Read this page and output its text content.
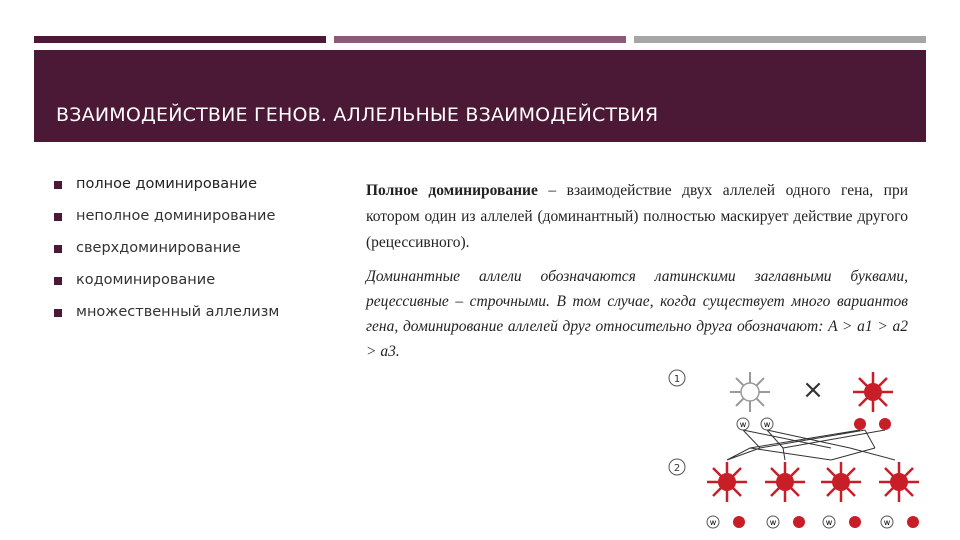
ВЗАИМОДЕЙСТВИЕ ГЕНОВ. АЛЛЕЛЬНЫЕ ВЗАИМОДЕЙСТВИЯ
полное доминирование
неполное доминирование
сверхдоминирование
кодоминирование
множественный аллелизм

Полное доминирование – взаимодействие двух аллелей одного гена, при котором один из аллелей (доминантный) полностью маскирует действие другого (рецессивного).

Доминантные аллели обозначаются латинскими заглавными буквами, рецессивные – строчными. В том случае, когда существует много вариантов гена, доминирование аллелей друг относительно друга обозначают: A > a1 > a2 > a3.

1
2
×
w w
w	w	w	w
